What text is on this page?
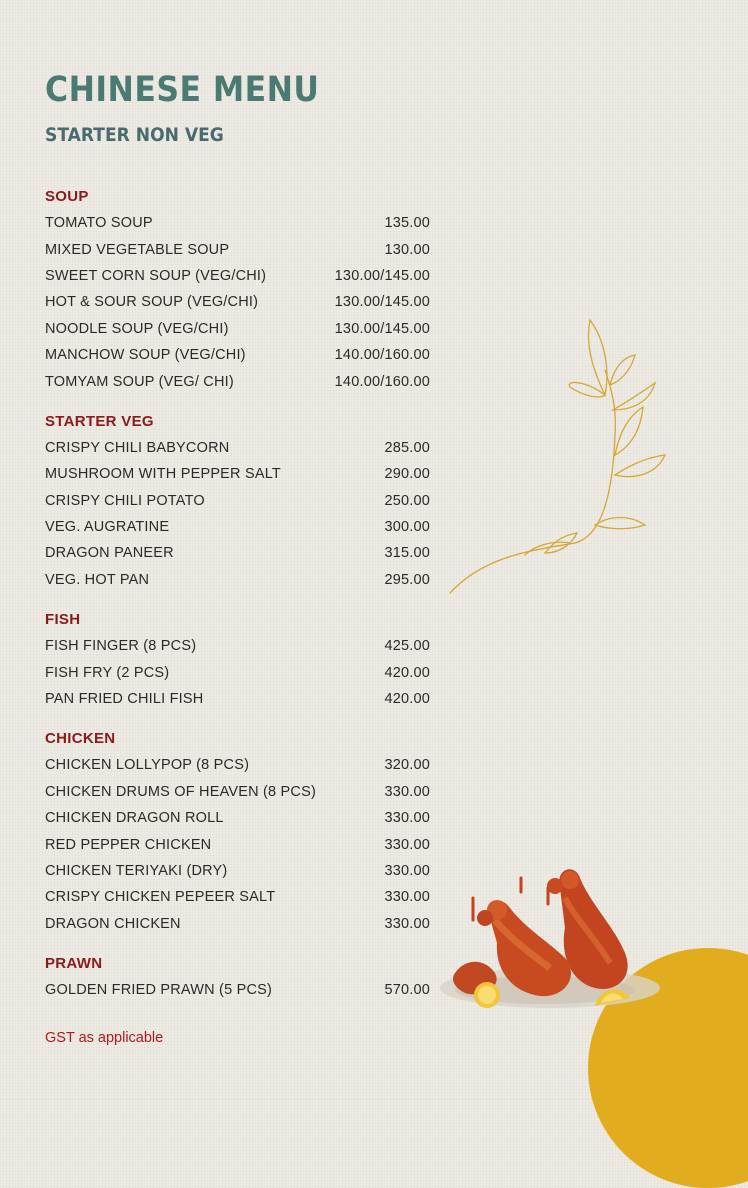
CHINESE MENU
STARTER NON VEG
SOUP
TOMATO SOUP	135.00
MIXED VEGETABLE SOUP	130.00
SWEET CORN SOUP (VEG/CHI)	130.00/145.00
HOT & SOUR SOUP (VEG/CHI)	130.00/145.00
NOODLE SOUP (VEG/CHI)	130.00/145.00
MANCHOW SOUP (VEG/CHI)	140.00/160.00
TOMYAM SOUP (VEG/ CHI)	140.00/160.00
STARTER VEG
CRISPY CHILI BABYCORN	285.00
MUSHROOM WITH PEPPER SALT	290.00
CRISPY CHILI POTATO	250.00
VEG. AUGRATINE	300.00
DRAGON PANEER	315.00
VEG. HOT PAN	295.00
FISH
FISH FINGER (8 PCS)	425.00
FISH FRY (2 PCS)	420.00
PAN FRIED CHILI FISH	420.00
CHICKEN
CHICKEN LOLLYPOP (8 PCS)	320.00
CHICKEN DRUMS OF HEAVEN (8 PCS)	330.00
CHICKEN DRAGON ROLL	330.00
RED PEPPER CHICKEN	330.00
CHICKEN TERIYAKI (DRY)	330.00
CRISPY CHICKEN PEPEER SALT	330.00
DRAGON CHICKEN	330.00
PRAWN
GOLDEN FRIED PRAWN (5 PCS)	570.00
GST as applicable
